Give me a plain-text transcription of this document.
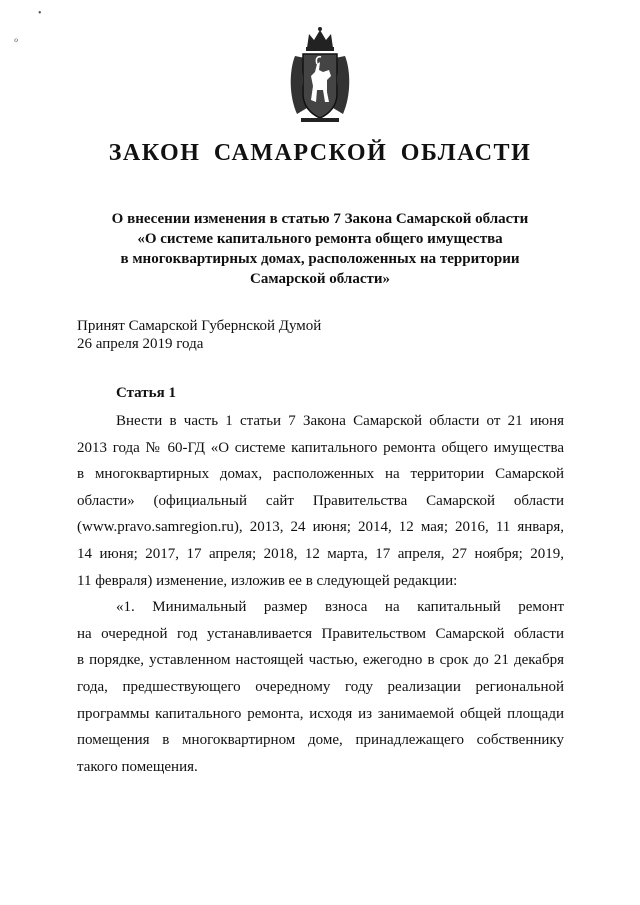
•
ℴ
ЗАКОН САМАРСКОЙ ОБЛАСТИ
О внесении изменения в статью 7 Закона Самарской области
«О системе капитального ремонта общего имущества
в многоквартирных домах, расположенных на территории
Самарской области»
Принят Самарской Губернской Думой
26 апреля 2019 года
Статья 1
Внести в часть 1 статьи 7 Закона Самарской области от 21 июня
2013 года № 60-ГД «О системе капитального ремонта общего имущества
в многоквартирных домах, расположенных на территории Самарской
области» (официальный сайт Правительства Самарской области
(www.pravo.samregion.ru), 2013, 24 июня; 2014, 12 мая; 2016, 11 января,
14 июня; 2017, 17 апреля; 2018, 12 марта, 17 апреля, 27 ноября; 2019,
11 февраля) изменение, изложив ее в следующей редакции:
«1. Минимальный размер взноса на капитальный ремонт
на очередной год устанавливается Правительством Самарской области
в порядке, уставленном настоящей частью, ежегодно в срок до 21 декабря
года, предшествующего очередному году реализации региональной
программы капитального ремонта, исходя из занимаемой общей площади
помещения в многоквартирном доме, принадлежащего собственнику
такого помещения.
